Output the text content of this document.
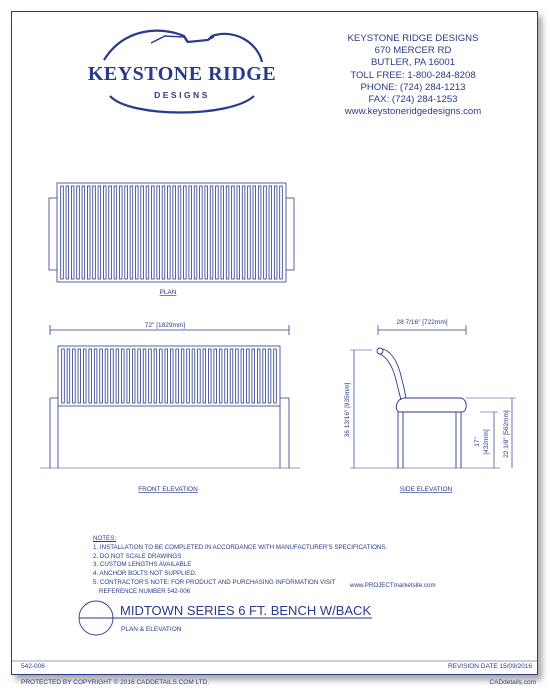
KEYSTONE RIDGE
DESIGNS
PLAN
72" [1829mm]
FRONT ELEVATION
28 7/16" [722mm]
36 13/16" [935mm]
17" [432mm] 22 1/8" [562mm]
SIDE ELEVATION
MIDTOWN SERIES 6 FT. BENCH W/BACK
PLAN & ELEVATION
542-006	REVISION DATE 15/09/2016
PROTECTED BY COPYRIGHT © 2016 CADDETAILS.COM LTD.	CADdetails.com
KEYSTONE RIDGE DESIGNS
670 MERCER RD
BUTLER, PA 16001
TOLL FREE: 1-800-284-8208
PHONE: (724) 284-1213
FAX: (724) 284-1253
www.keystoneridgedesigns.com
NOTES:
1. INSTALLATION TO BE COMPLETED IN ACCORDANCE WITH MANUFACTURER'S SPECIFICATIONS.
2. DO NOT SCALE DRAWINGS
3. CUSTOM LENGTHS AVAILABLE
4. ANCHOR BOLTS NOT SUPPLIED.
5. CONTRACTOR'S NOTE: FOR PRODUCT AND PURCHASING INFORMATION VISIT
REFERENCE NUMBER 542-006
www.PROJECTmarketsite.com
